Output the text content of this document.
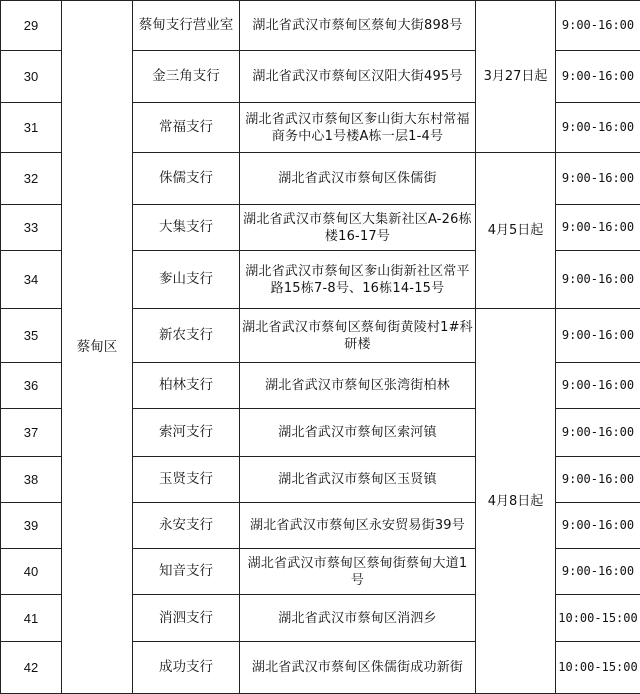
29	蔡甸区	蔡甸支行营业室	湖北省武汉市蔡甸区蔡甸大街898号	3月27日起	9:00-16:00
30		金三角支行	湖北省武汉市蔡甸区汉阳大街495号		9:00-16:00
31		常福支行	湖北省武汉市蔡甸区奓山街大东村常福商务中心1号楼A栋一层1-4号		9:00-16:00
32		侏儒支行	湖北省武汉市蔡甸区侏儒街	4月5日起	9:00-16:00
33		大集支行	湖北省武汉市蔡甸区大集新社区A-26栋楼16-17号		9:00-16:00
34		奓山支行	湖北省武汉市蔡甸区奓山街新社区常平路15栋7-8号、16栋14-15号		9:00-16:00
35		新农支行	湖北省武汉市蔡甸区蔡甸街黄陵村1#科研楼	4月8日起	9:00-16:00
36		柏林支行	湖北省武汉市蔡甸区张湾街柏林		9:00-16:00
37		索河支行	湖北省武汉市蔡甸区索河镇		9:00-16:00
38		玉贤支行	湖北省武汉市蔡甸区玉贤镇		9:00-16:00
39		永安支行	湖北省武汉市蔡甸区永安贸易街39号		9:00-16:00
40		知音支行	湖北省武汉市蔡甸区蔡甸街蔡甸大道1号		9:00-16:00
41		消泗支行	湖北省武汉市蔡甸区消泗乡		10:00-15:00
42		成功支行	湖北省武汉市蔡甸区侏儒街成功新街		10:00-15:00
